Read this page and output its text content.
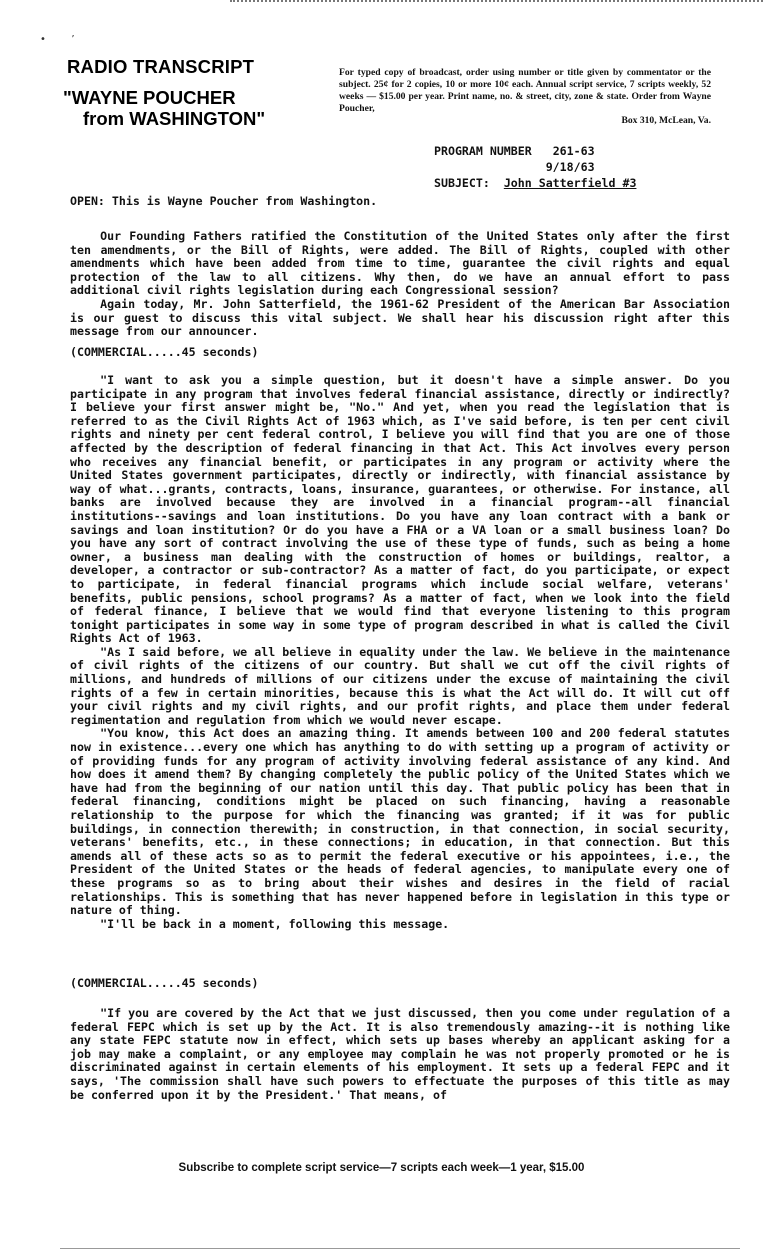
•        ’
RADIO TRANSCRIPT
"WAYNE POUCHER
from WASHINGTON"
For typed copy of broadcast, order using number or title given by commentator or the subject. 25¢ for 2 copies, 10 or more 10¢ each. Annual script service, 7 scripts weekly, 52 weeks — $15.00 per year. Print name, no. & street, city, zone & state. Order from Wayne Poucher,
Box 310, McLean, Va.
PROGRAM NUMBER 261-63
9/18/63
SUBJECT: John Satterfield #3

OPEN: This is Wayne Poucher from Washington.

Our Founding Fathers ratified the Constitution of the United States only after the first ten amendments, or the Bill of Rights, were added. The Bill of Rights, coupled with other amendments which have been added from time to time, guarantee the civil rights and equal protection of the law to all citizens. Why then, do we have an annual effort to pass additional civil rights legislation during each Congressional session?

Again today, Mr. John Satterfield, the 1961-62 President of the American Bar Association is our guest to discuss this vital subject. We shall hear his discussion right after this message from our announcer.

(COMMERCIAL.....45 seconds)

"I want to ask you a simple question, but it doesn't have a simple answer. Do you participate in any program that involves federal financial assistance, directly or indirectly? I believe your first answer might be, "No." And yet, when you read the legislation that is referred to as the Civil Rights Act of 1963 which, as I've said before, is ten per cent civil rights and ninety per cent federal control, I believe you will find that you are one of those affected by the description of federal financing in that Act. This Act involves every person who receives any financial benefit, or participates in any program or activity where the United States government participates, directly or indirectly, with financial assistance by way of what...grants, contracts, loans, insurance, guarantees, or otherwise. For instance, all banks are involved because they are involved in a financial program--all financial institutions--savings and loan institutions. Do you have any loan contract with a bank or savings and loan institution? Or do you have a FHA or a VA loan or a small business loan? Do you have any sort of contract involving the use of these type of funds, such as being a home owner, a business man dealing with the construction of homes or buildings, realtor, a developer, a contractor or sub-contractor? As a matter of fact, do you participate, or expect to participate, in federal financial programs which include social welfare, veterans' benefits, public pensions, school programs? As a matter of fact, when we look into the field of federal finance, I believe that we would find that everyone listening to this program tonight participates in some way in some type of program described in what is called the Civil Rights Act of 1963.

"As I said before, we all believe in equality under the law. We believe in the maintenance of civil rights of the citizens of our country. But shall we cut off the civil rights of millions, and hundreds of millions of our citizens under the excuse of maintaining the civil rights of a few in certain minorities, because this is what the Act will do. It will cut off your civil rights and my civil rights, and our profit rights, and place them under federal regimentation and regulation from which we would never escape.

"You know, this Act does an amazing thing. It amends between 100 and 200 federal statutes now in existence...every one which has anything to do with setting up a program of activity or of providing funds for any program of activity involving federal assistance of any kind. And how does it amend them? By changing completely the public policy of the United States which we have had from the beginning of our nation until this day. That public policy has been that in federal financing, conditions might be placed on such financing, having a reasonable relationship to the purpose for which the financing was granted; if it was for public buildings, in connection therewith; in construction, in that connection, in social security, veterans' benefits, etc., in these connections; in education, in that connection. But this amends all of these acts so as to permit the federal executive or his appointees, i.e., the President of the United States or the heads of federal agencies, to manipulate every one of these programs so as to bring about their wishes and desires in the field of racial relationships. This is something that has never happened before in legislation in this type or nature of thing.

"I'll be back in a moment, following this message.

(COMMERCIAL.....45 seconds)

"If you are covered by the Act that we just discussed, then you come under regulation of a federal FEPC which is set up by the Act. It is also tremendously amazing--it is nothing like any state FEPC statute now in effect, which sets up bases whereby an applicant asking for a job may make a complaint, or any employee may complain he was not properly promoted or he is discriminated against in certain elements of his employment. It sets up a federal FEPC and it says, 'The commission shall have such powers to effectuate the purposes of this title as may be conferred upon it by the President.' That means, of

Subscribe to complete script service—7 scripts each week—1 year, $15.00
